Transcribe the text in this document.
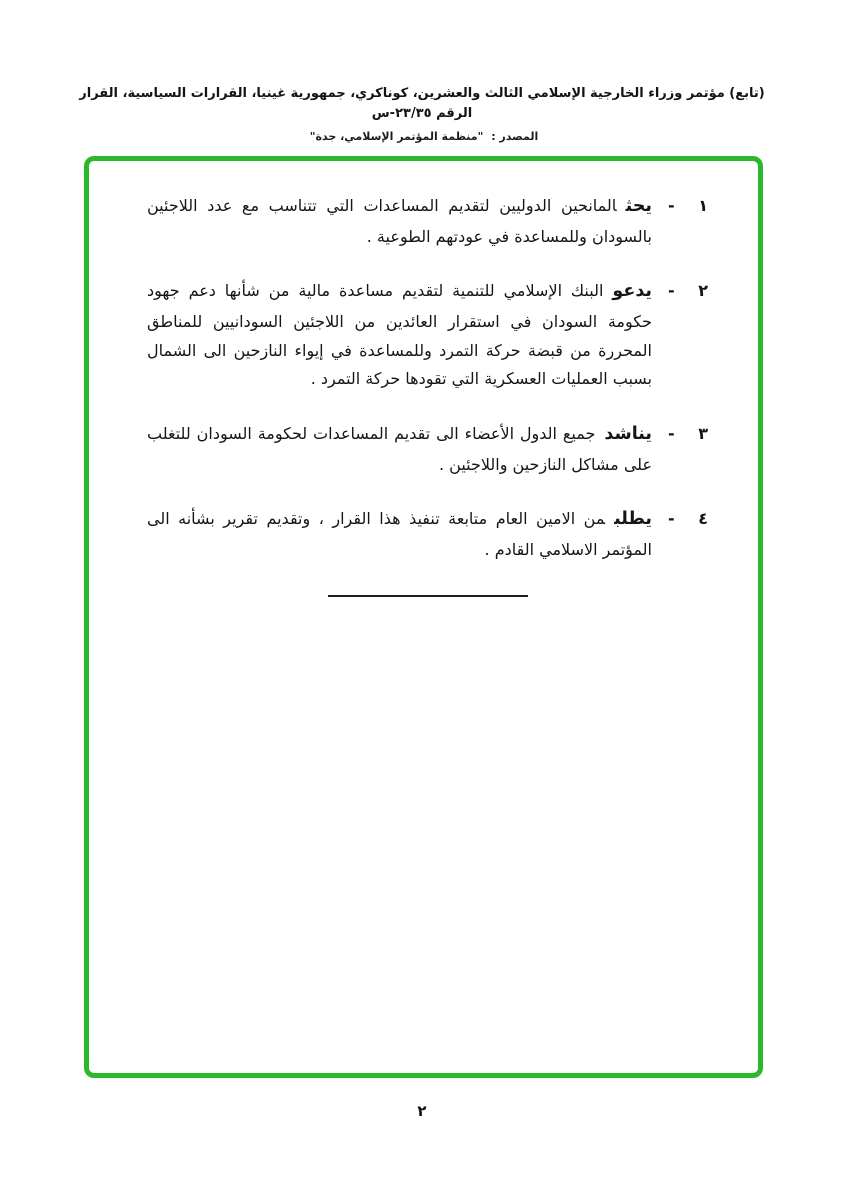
(تابع) مؤتمر وزراء الخارجية الإسلامي الثالث والعشرين، كوناكري، جمهورية غينيا، القرارات السياسية، القرار الرقم ٢٣/٣٥-س
المصدر : "منظمة المؤتمر الإسلامي، جدة"
١
-
يحثالمانحين الدوليين لتقديم المساعدات التي تتناسب مع عدد اللاجئين بالسودان وللمساعدة في عودتهم الطوعية .
٢
-
يدعوالبنك الإسلامي للتنمية لتقديم مساعدة مالية من شأنها دعم جهود حكومة السودان في استقرار العائدين من اللاجئين السودانيين للمناطق المحررة من قبضة حركة التمرد وللمساعدة في إيواء النازحين الى الشمال بسبب العمليات العسكرية التي تقودها حركة التمرد .
٣
-
يناشدجميع الدول الأعضاء الى تقديم المساعدات لحكومة السودان للتغلب على مشاكل النازحين واللاجئين .
٤
-
يطلبمن الامين العام متابعة تنفيذ هذا القرار ، وتقديم تقرير بشأنه الى المؤتمر الاسلامي القادم .
٢
